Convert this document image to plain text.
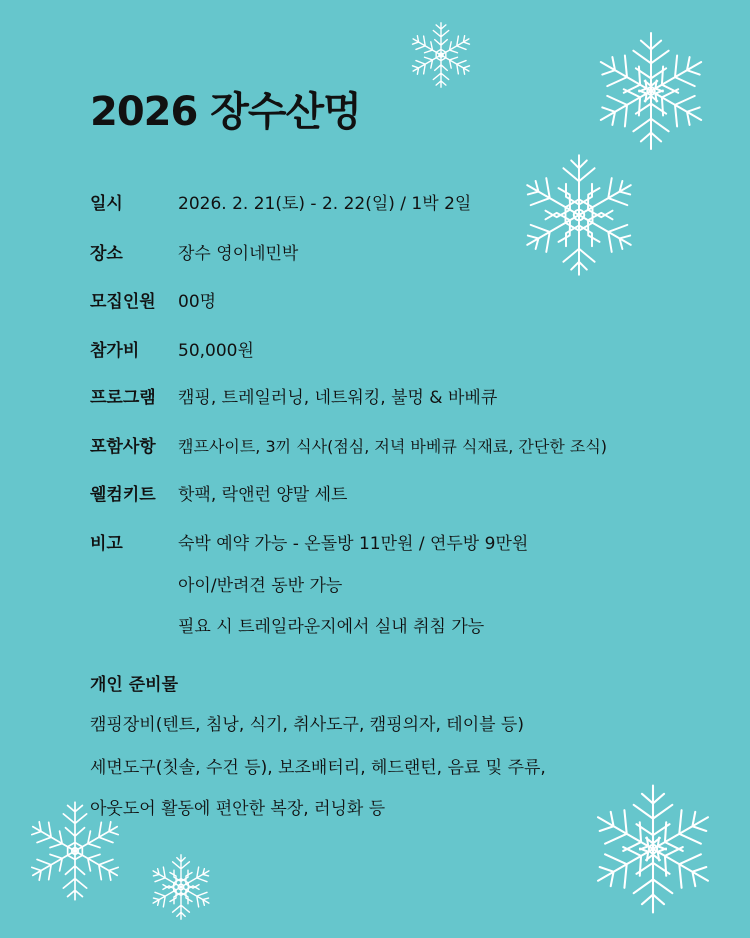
2026 장수산멍
일시	2026. 2. 21(토) - 2. 22(일) / 1박 2일
장소	장수 영이네민박
모집인원 00명
참가비 50,000원
프로그램 캠핑, 트레일러닝, 네트워킹, 불멍 & 바베큐
포함사항 캠프사이트, 3끼 식사(점심, 저녁 바베큐 식재료, 간단한 조식)
웰컴키트 핫팩, 락앤런 양말 세트
비고	숙박 예약 가능 - 온돌방 11만원 / 연두방 9만원
아이/반려견 동반 가능
필요 시 트레일라운지에서 실내 취침 가능
개인 준비물
캠핑장비(텐트, 침낭, 식기, 취사도구, 캠핑의자, 테이블 등)
세면도구(칫솔, 수건 등), 보조배터리, 헤드랜턴, 음료 및 주류,
아웃도어 활동에 편안한 복장, 러닝화 등
